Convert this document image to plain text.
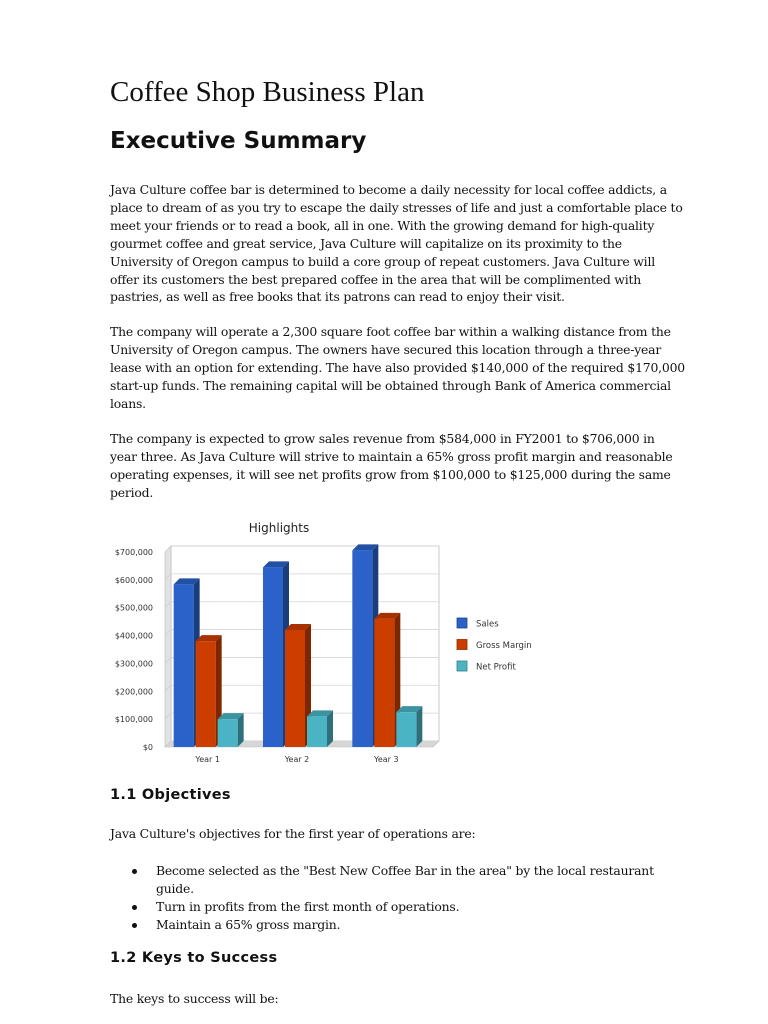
Coffee Shop Business Plan
Executive Summary
Java Culture coffee bar is determined to become a daily necessity for local coffee addicts, a
place to dream of as you try to escape the daily stresses of life and just a comfortable place to
meet your friends or to read a book, all in one. With the growing demand for high-quality
gourmet coffee and great service, Java Culture will capitalize on its proximity to the
University of Oregon campus to build a core group of repeat customers. Java Culture will
offer its customers the best prepared coffee in the area that will be complimented with
pastries, as well as free books that its patrons can read to enjoy their visit.
The company will operate a 2,300 square foot coffee bar within a walking distance from the
University of Oregon campus. The owners have secured this location through a three-year
lease with an option for extending. The have also provided $140,000 of the required $170,000
start-up funds. The remaining capital will be obtained through Bank of America commercial
loans.
The company is expected to grow sales revenue from $584,000 in FY2001 to $706,000 in
year three. As Java Culture will strive to maintain a 65% gross profit margin and reasonable
operating expenses, it will see net profits grow from $100,000 to $125,000 during the same
period.
Highlights
$0
$100,000
$200,000
$300,000
$400,000
$500,000
$600,000
$700,000
Year 1	Year 2	Year 3
Sales
Gross Margin
Net Profit
1.1 Objectives
Java Culture's objectives for the first year of operations are:
Become selected as the "Best New Coffee Bar in the area" by the local restaurant
guide.
Turn in profits from the first month of operations.
Maintain a 65% gross margin.
1.2 Keys to Success
The keys to success will be:
